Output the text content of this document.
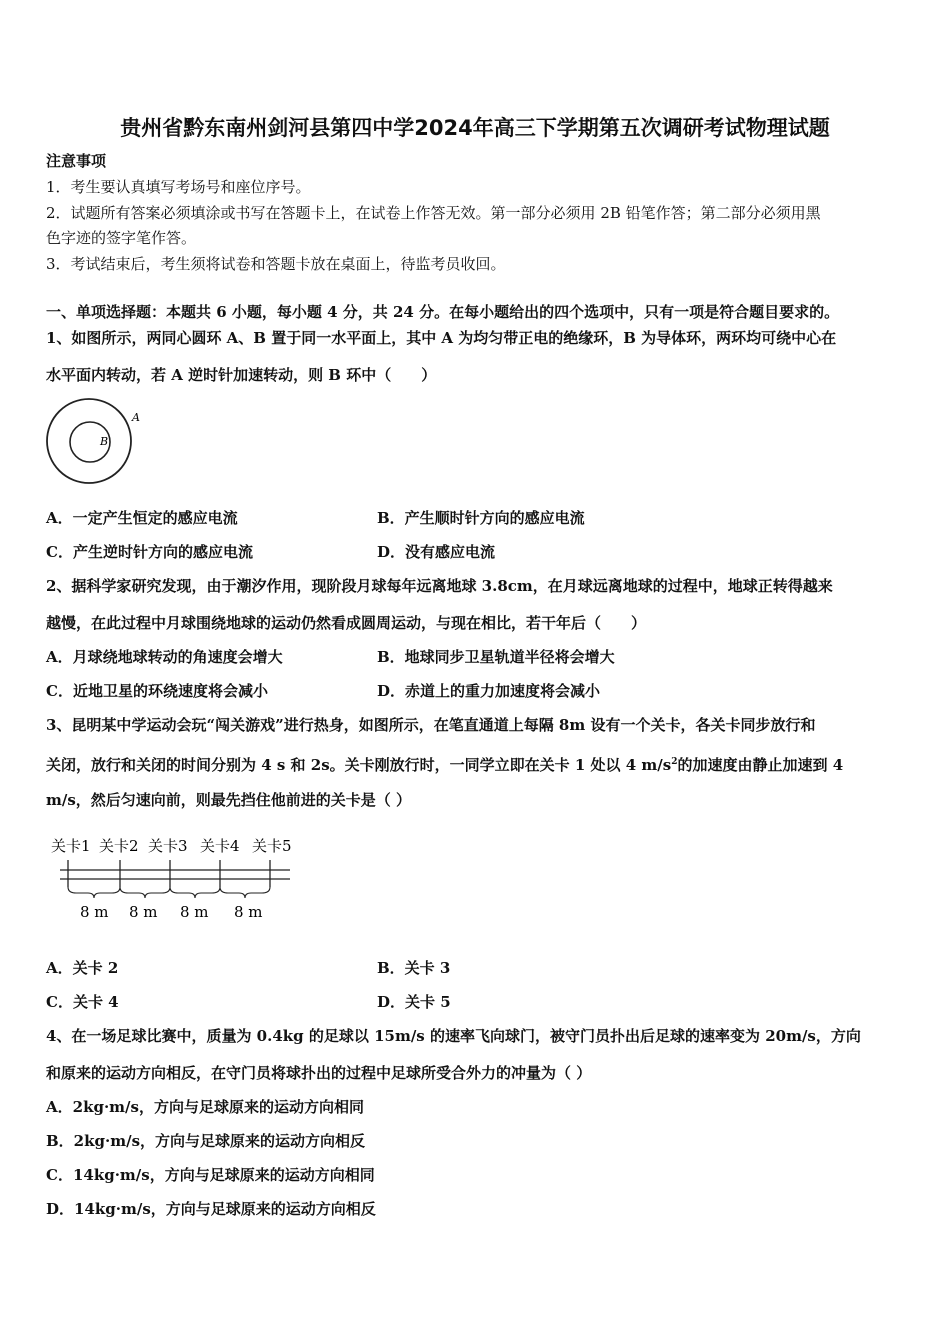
贵州省黔东南州剑河县第四中学2024年高三下学期第五次调研考试物理试题
注意事项
1．考生要认真填写考场号和座位序号。
2．试题所有答案必须填涂或书写在答题卡上，在试卷上作答无效。第一部分必须用 2B 铅笔作答；第二部分必须用黑
色字迹的签字笔作答。
3．考试结束后，考生须将试卷和答题卡放在桌面上，待监考员收回。
一、单项选择题：本题共 6 小题，每小题 4 分，共 24 分。在每小题给出的四个选项中，只有一项是符合题目要求的。
1、如图所示，两同心圆环 A、B 置于同一水平面上，其中 A 为均匀带正电的绝缘环，B 为导体环，两环均可绕中心在
水平面内转动，若 A 逆时针加速转动，则 B 环中（　　）
A
B
A．一定产生恒定的感应电流	B．产生顺时针方向的感应电流
C．产生逆时针方向的感应电流	D．没有感应电流
2、据科学家研究发现，由于潮汐作用，现阶段月球每年远离地球 3.8cm，在月球远离地球的过程中，地球正转得越来
越慢，在此过程中月球围绕地球的运动仍然看成圆周运动，与现在相比，若干年后（　　）
A．月球绕地球转动的角速度会增大	B．地球同步卫星轨道半径将会增大
C．近地卫星的环绕速度将会减小	D．赤道上的重力加速度将会减小
3、昆明某中学运动会玩“闯关游戏”进行热身，如图所示，在笔直通道上每隔 8m 设有一个关卡，各关卡同步放行和
关闭，放行和关闭的时间分别为 4 s 和 2s。关卡刚放行时，一同学立即在关卡 1 处以 4 $m/s^2$的加速度由静止加速到 4
m/s，然后匀速向前，则最先挡住他前进的关卡是（ ）
关卡1 关卡2 关卡3 关卡4 关卡5
8 m 8 m 8 m 8 m
A．关卡 2	B．关卡 3
C．关卡 4	D．关卡 5
4、在一场足球比赛中，质量为 0.4kg 的足球以 15m/s 的速率飞向球门，被守门员扑出后足球的速率变为 20m/s，方向
和原来的运动方向相反，在守门员将球扑出的过程中足球所受合外力的冲量为（ ）
A．2kg·m/s，方向与足球原来的运动方向相同
B．2kg·m/s，方向与足球原来的运动方向相反
C．14kg·m/s，方向与足球原来的运动方向相同
D．14kg·m/s，方向与足球原来的运动方向相反
